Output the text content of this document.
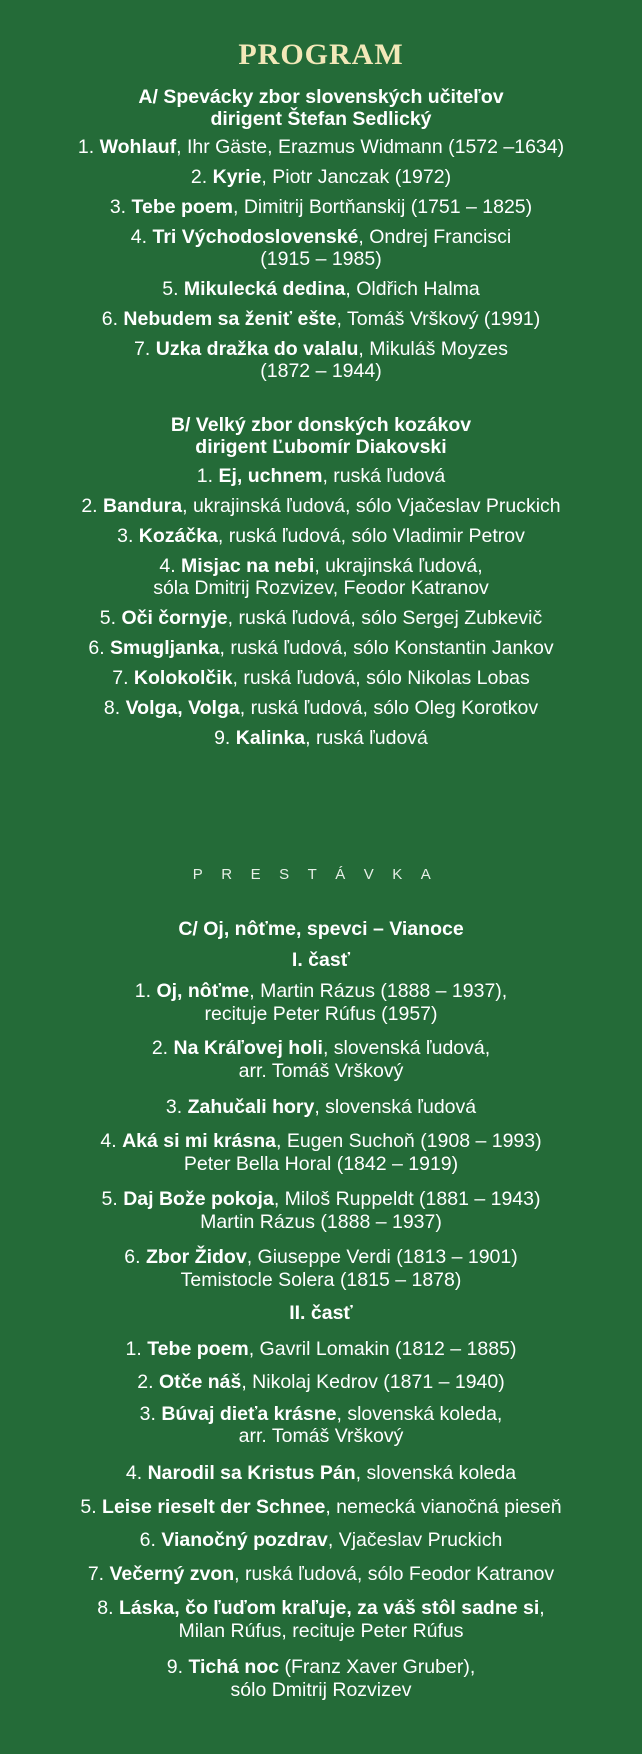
PROGRAM
A/ Spevácky zbor slovenských učiteľov
dirigent Štefan Sedlický
1. Wohlauf, Ihr Gäste, Erazmus Widmann (1572 –1634)
2. Kyrie, Piotr Janczak (1972)
3. Tebe poem, Dimitrij Bortňanskij (1751 – 1825)
4. Tri Východoslovenské, Ondrej Francisci
(1915 – 1985)
5. Mikulecká dedina, Oldřich Halma
6. Nebudem sa ženiť ešte, Tomáš Vrškový (1991)
7. Uzka dražka do valalu, Mikuláš Moyzes
(1872 – 1944)
B/ Velký zbor donských kozákov
dirigent Ľubomír Diakovski
1. Ej, uchnem, ruská ľudová
2. Bandura, ukrajinská ľudová, sólo Vjačeslav Pruckich
3. Kozáčka, ruská ľudová, sólo Vladimir Petrov
4. Misjac na nebi, ukrajinská ľudová,
sóla Dmitrij Rozvizev, Feodor Katranov
5. Oči čornyje, ruská ľudová, sólo Sergej Zubkevič
6. Smugljanka, ruská ľudová, sólo Konstantin Jankov
7. Kolokolčik, ruská ľudová, sólo Nikolas Lobas
8. Volga, Volga, ruská ľudová, sólo Oleg Korotkov
9. Kalinka, ruská ľudová
PRESTÁVKA
C/ Oj, nôťme, spevci – Vianoce
I. časť
1. Oj, nôťme, Martin Rázus (1888 – 1937),
recituje Peter Rúfus (1957)
2. Na Kráľovej holi, slovenská ľudová,
arr. Tomáš Vrškový
3. Zahučali hory, slovenská ľudová
4. Aká si mi krásna, Eugen Suchoň (1908 – 1993)
Peter Bella Horal (1842 – 1919)
5. Daj Bože pokoja, Miloš Ruppeldt (1881 – 1943)
Martin Rázus (1888 – 1937)
6. Zbor Židov, Giuseppe Verdi (1813 – 1901)
Temistocle Solera (1815 – 1878)
II. časť
1. Tebe poem, Gavril Lomakin (1812 – 1885)
2. Otče náš, Nikolaj Kedrov (1871 – 1940)
3. Búvaj dieťa krásne, slovenská koleda,
arr. Tomáš Vrškový
4. Narodil sa Kristus Pán, slovenská koleda
5. Leise rieselt der Schnee, nemecká vianočná pieseň
6. Vianočný pozdrav, Vjačeslav Pruckich
7. Večerný zvon, ruská ľudová, sólo Feodor Katranov
8. Láska, čo ľuďom kraľuje, za váš stôl sadne si,
Milan Rúfus, recituje Peter Rúfus
9. Tichá noc (Franz Xaver Gruber),
sólo Dmitrij Rozvizev
